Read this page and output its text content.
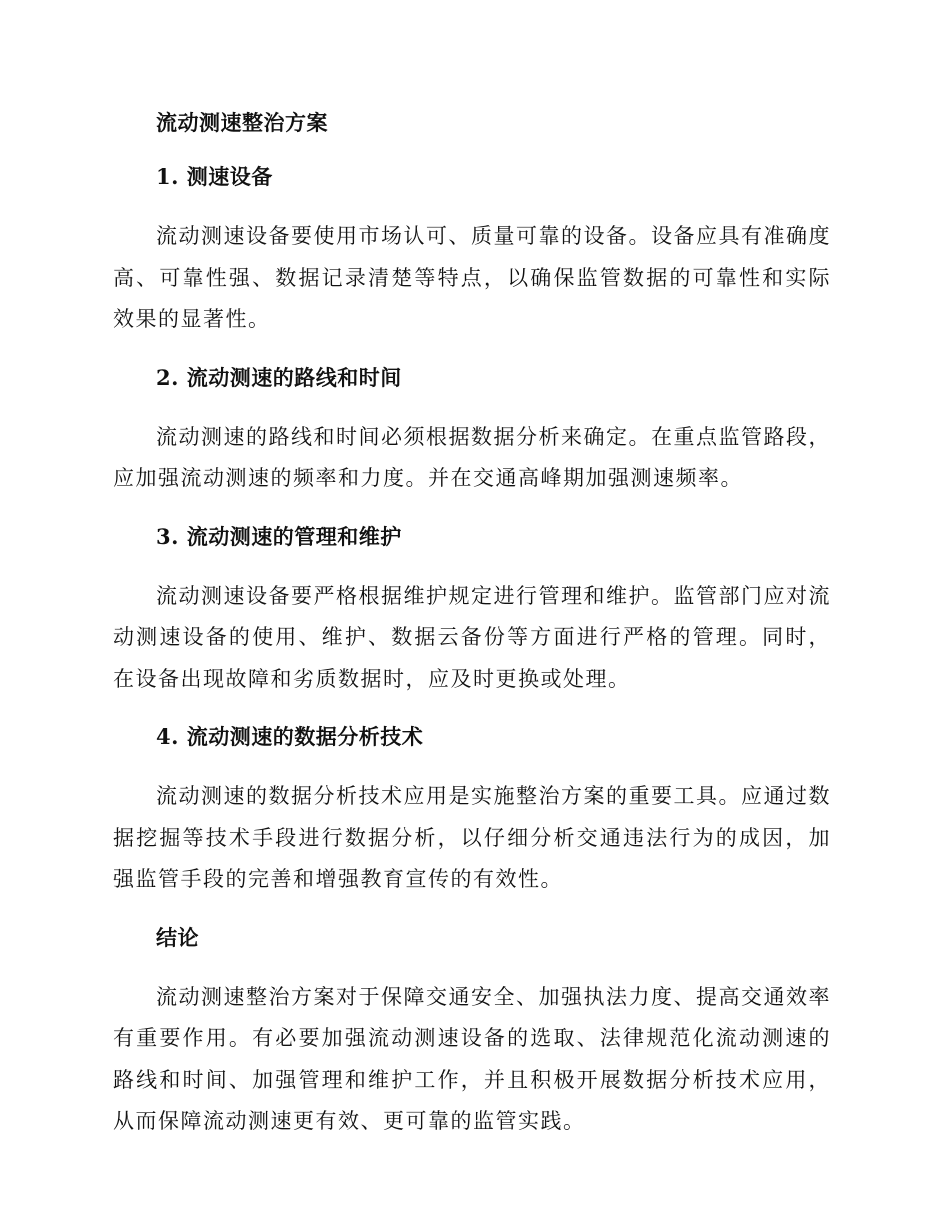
流动测速整治方案
1. 测速设备
流动测速设备要使用市场认可、质量可靠的设备。设备应具有准确度高、可靠性强、数据记录清楚等特点，以确保监管数据的可靠性和实际效果的显著性。
2. 流动测速的路线和时间
流动测速的路线和时间必须根据数据分析来确定。在重点监管路段，应加强流动测速的频率和力度。并在交通高峰期加强测速频率。
3. 流动测速的管理和维护
流动测速设备要严格根据维护规定进行管理和维护。监管部门应对流动测速设备的使用、维护、数据云备份等方面进行严格的管理。同时，在设备出现故障和劣质数据时，应及时更换或处理。
4. 流动测速的数据分析技术
流动测速的数据分析技术应用是实施整治方案的重要工具。应通过数据挖掘等技术手段进行数据分析，以仔细分析交通违法行为的成因，加强监管手段的完善和增强教育宣传的有效性。
结论
流动测速整治方案对于保障交通安全、加强执法力度、提高交通效率有重要作用。有必要加强流动测速设备的选取、法律规范化流动测速的路线和时间、加强管理和维护工作，并且积极开展数据分析技术应用，从而保障流动测速更有效、更可靠的监管实践。
